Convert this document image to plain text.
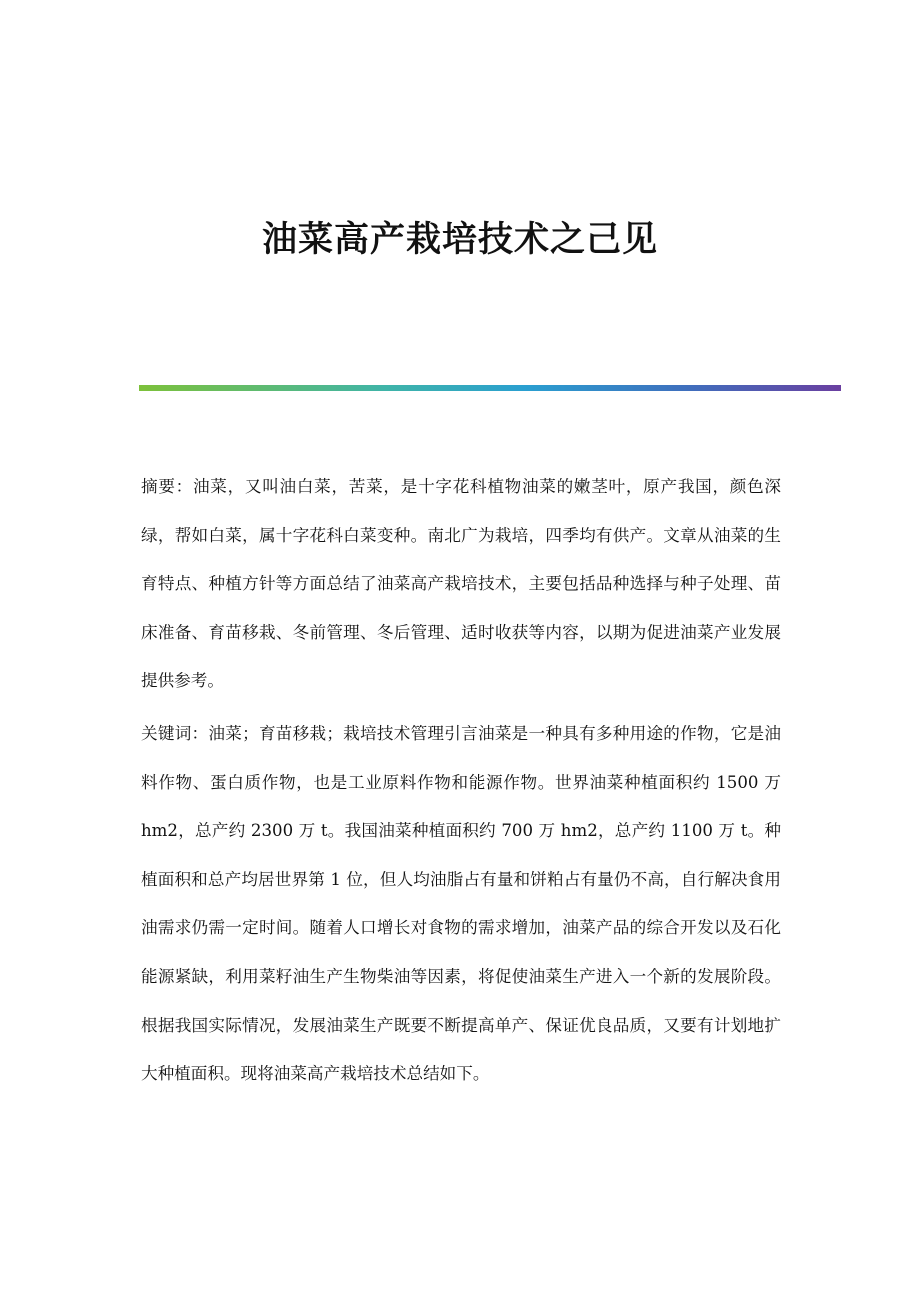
油菜高产栽培技术之己见

摘要：油菜，又叫油白菜，苦菜，是十字花科植物油菜的嫩茎叶，原产我国，颜色深绿，帮如白菜，属十字花科白菜变种。南北广为栽培，四季均有供产。文章从油菜的生育特点、种植方针等方面总结了油菜高产栽培技术，主要包括品种选择与种子处理、苗床准备、育苗移栽、冬前管理、冬后管理、适时收获等内容，以期为促进油菜产业发展提供参考。

关键词：油菜；育苗移栽；栽培技术管理引言油菜是一种具有多种用途的作物，它是油料作物、蛋白质作物，也是工业原料作物和能源作物。世界油菜种植面积约 1500 万 hm2，总产约 2300 万 t。我国油菜种植面积约 700 万 hm2，总产约 1100 万 t。种植面积和总产均居世界第 1 位，但人均油脂占有量和饼粕占有量仍不高，自行解决食用油需求仍需一定时间。随着人口增长对食物的需求增加，油菜产品的综合开发以及石化能源紧缺，利用菜籽油生产生物柴油等因素，将促使油菜生产进入一个新的发展阶段。根据我国实际情况，发展油菜生产既要不断提高单产、保证优良品质，又要有计划地扩大种植面积。现将油菜高产栽培技术总结如下。
